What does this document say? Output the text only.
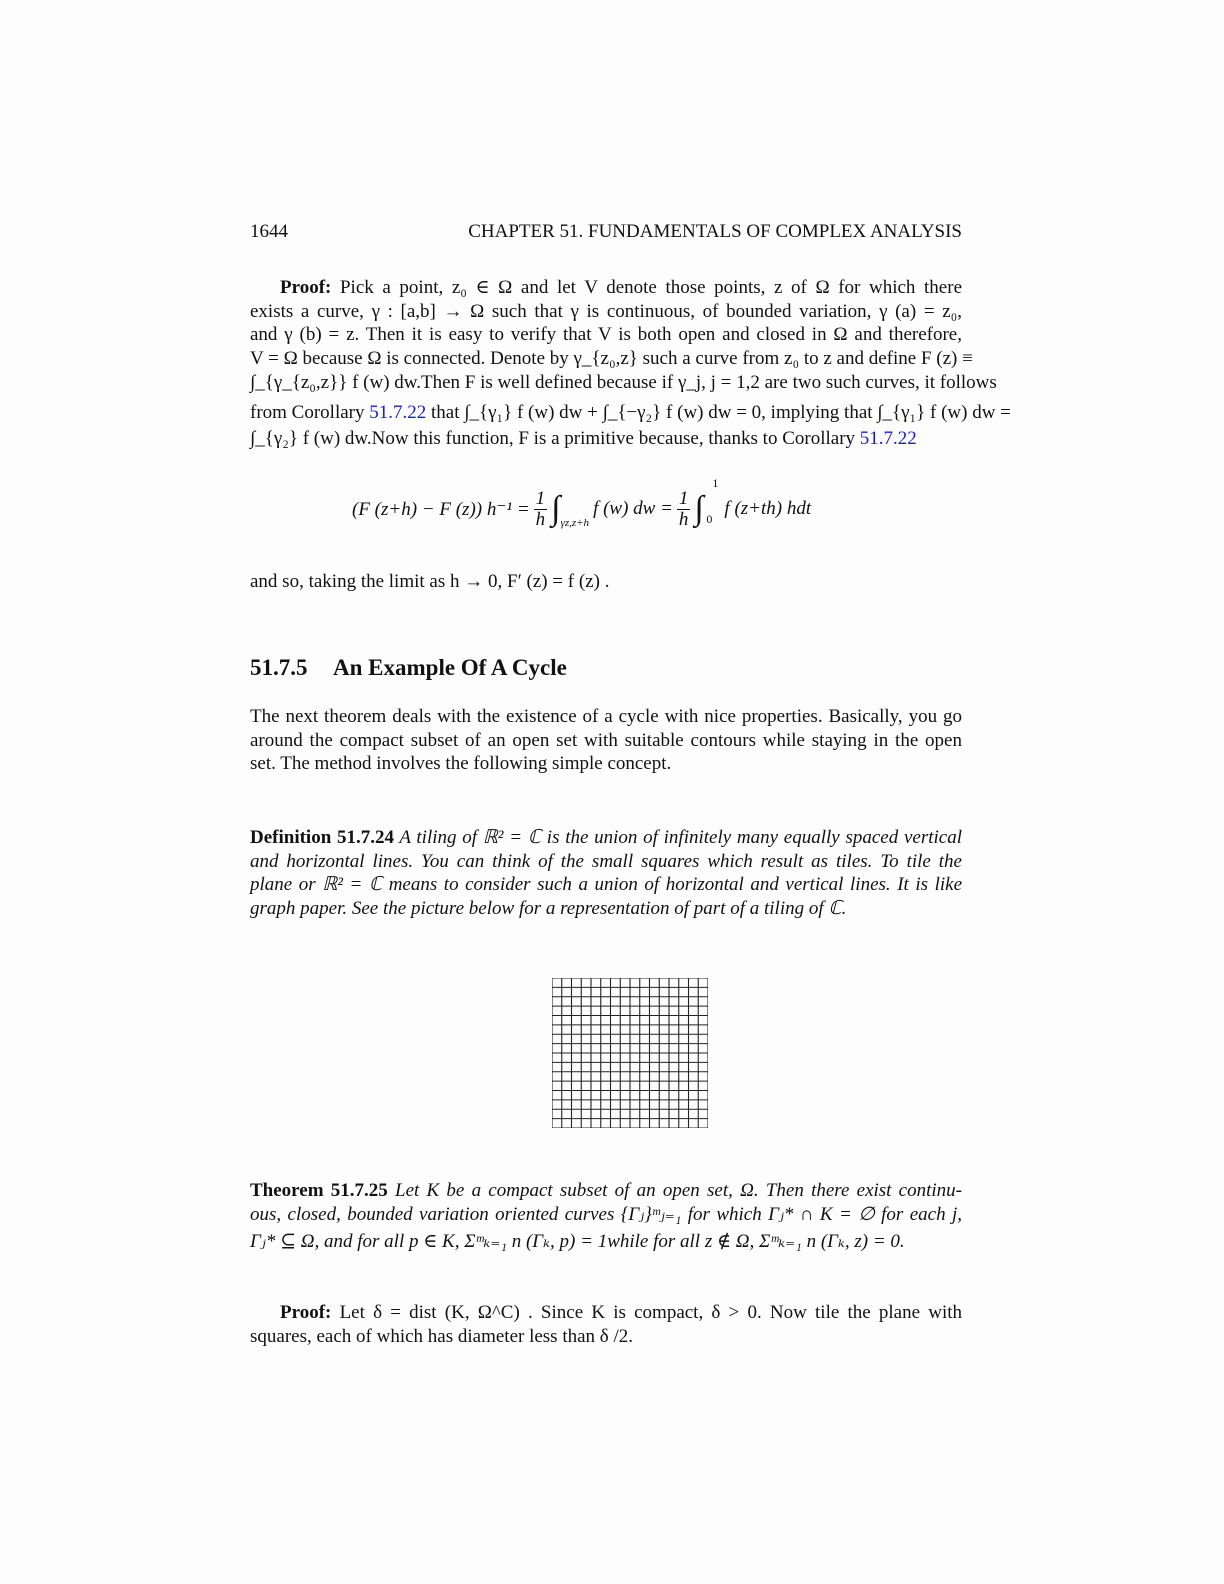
1644	CHAPTER 51. FUNDAMENTALS OF COMPLEX ANALYSIS
Proof: Pick a point, z₀ ∈ Ω and let V denote those points, z of Ω for which there
exists a curve, γ : [a,b] → Ω such that γ is continuous, of bounded variation, γ (a) = z₀,
and γ (b) = z. Then it is easy to verify that V is both open and closed in Ω and therefore,
V = Ω because Ω is connected. Denote by γ_{z₀,z} such a curve from z₀ to z and define F (z) ≡
∫_{γ_{z₀,z}} f (w) dw.Then F is well defined because if γ_j, j = 1,2 are two such curves, it follows
from Corollary 51.7.22 that ∫_{γ₁} f (w) dw + ∫_{−γ₂} f (w) dw = 0, implying that ∫_{γ₁} f (w) dw =
∫_{γ₂} f (w) dw.Now this function, F is a primitive because, thanks to Corollary 51.7.22
(F (z+h) − F (z)) $h^{-1} = \frac{1}{h} \int_{\gamma z,z+h}$
f (w) dw = $\frac{1}{h}$ ∫
1
0 f (z+th) hdt
and so, taking the limit as h → 0, F′ (z) = f (z) .
51.7.5 An Example Of A Cycle
The next theorem deals with the existence of a cycle with nice properties. Basically, you go
around the compact subset of an open set with suitable contours while staying in the open
set. The method involves the following simple concept.
Definition 51.7.24 A tiling of ℝ² = ℂ is the union of infinitely many equally spaced vertical
and horizontal lines. You can think of the small squares which result as tiles. To tile the
plane or ℝ² = ℂ means to consider such a union of horizontal and vertical lines. It is like
graph paper. See the picture below for a representation of part of a tiling of ℂ.
Theorem 51.7.25 Let K be a compact subset of an open set, Ω. Then there exist continu-
ous, closed, bounded variation oriented curves {Γⱼ}ᵐⱼ₌₁ for which Γⱼ* ∩ K = ∅ for each j,
Γⱼ* ⊆ Ω, and for all p ∈ K, Σᵐₖ₌₁ n (Γₖ, p) = 1while for all z ∉ Ω, Σᵐₖ₌₁ n (Γₖ, z) = 0.
Proof: Let δ = dist (K, Ω^C) . Since K is compact, δ > 0. Now tile the plane with
squares, each of which has diameter less than δ /2.
